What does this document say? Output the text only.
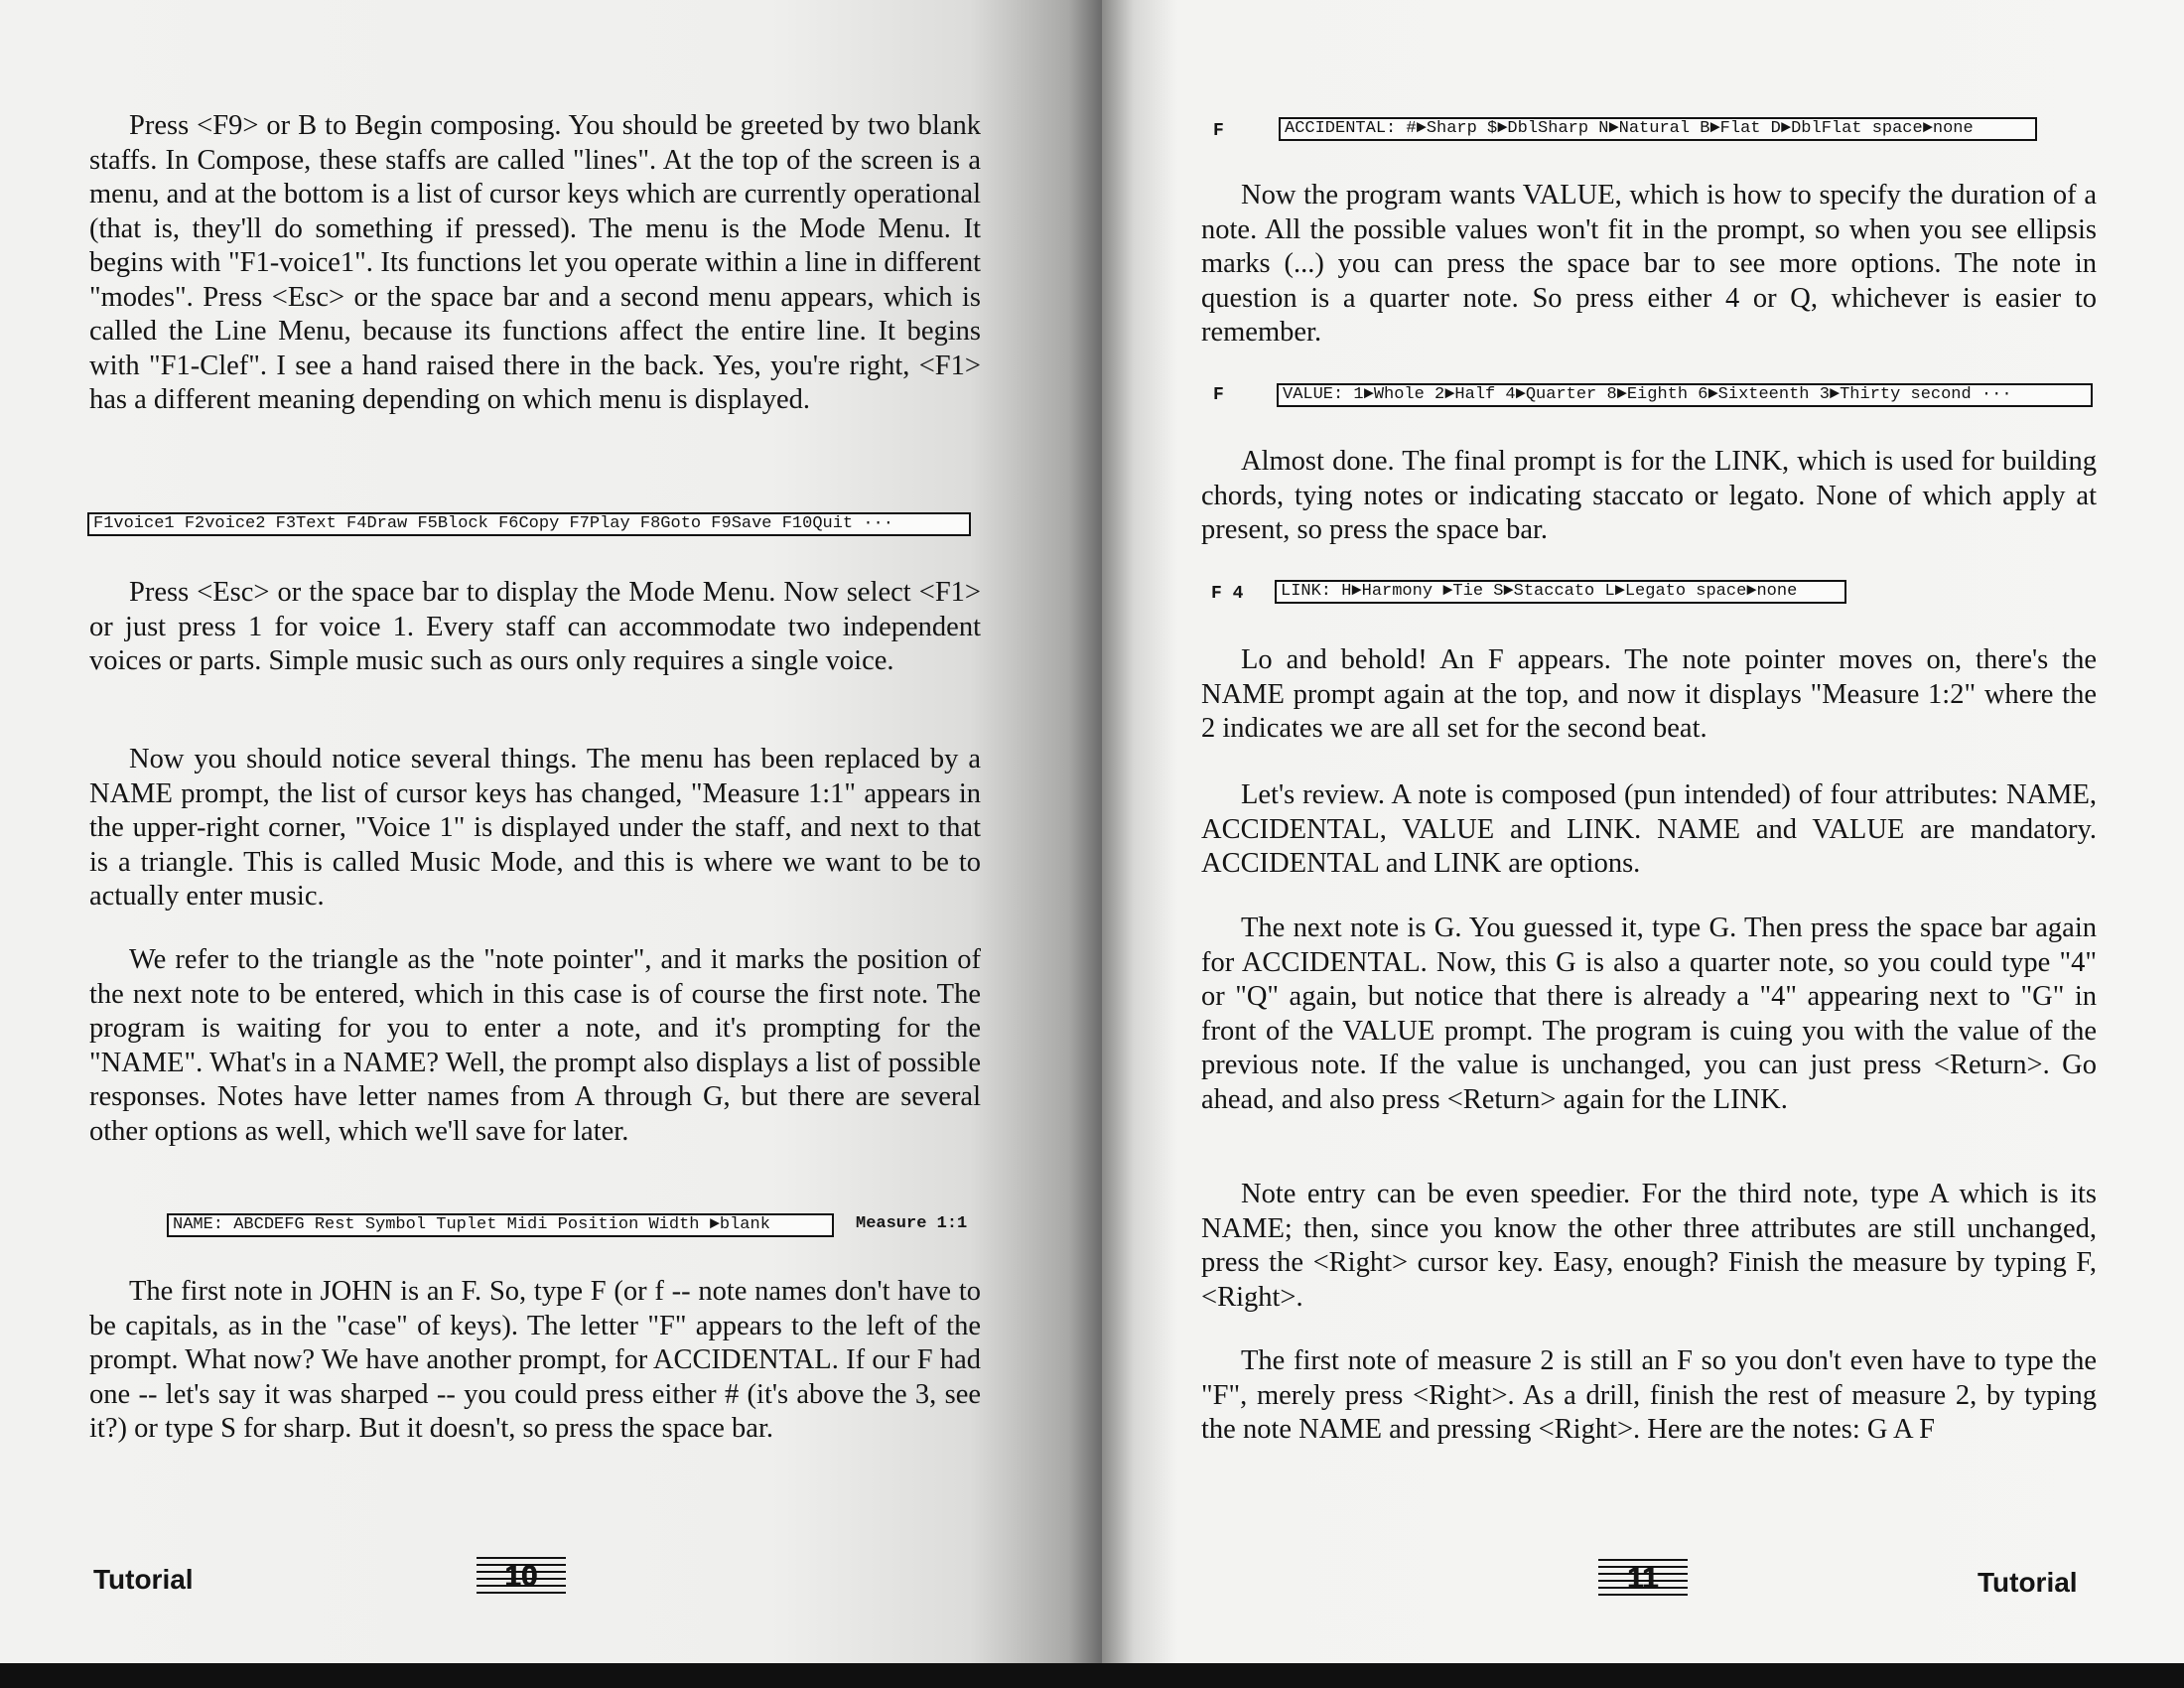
Press <F9> or B to Begin composing. You should be greeted by two blank staffs. In Compose, these staffs are called "lines". At the top of the screen is a menu, and at the bottom is a list of cursor keys which are currently operational (that is, they'll do something if pressed). The menu is the Mode Menu. It begins with "F1-voice1". Its functions let you operate within a line in different "modes". Press <Esc> or the space bar and a second menu appears, which is called the Line Menu, because its functions affect the entire line. It begins with "F1-Clef". I see a hand raised there in the back. Yes, you're right, <F1> has a different meaning depending on which menu is displayed.

F1voice1 F2voice2 F3Text F4Draw F5Block F6Copy F7Play F8Goto F9Save F10Quit ···

Press <Esc> or the space bar to display the Mode Menu. Now select <F1> or just press 1 for voice 1. Every staff can accommodate two independent voices or parts. Simple music such as ours only requires a single voice.

Now you should notice several things. The menu has been replaced by a NAME prompt, the list of cursor keys has changed, "Measure 1:1" appears in the upper-right corner, "Voice 1" is displayed under the staff, and next to that is a triangle. This is called Music Mode, and this is where we want to be to actually enter music.

We refer to the triangle as the "note pointer", and it marks the position of the next note to be entered, which in this case is of course the first note. The program is waiting for you to enter a note, and it's prompting for the "NAME". What's in a NAME? Well, the prompt also displays a list of possible responses. Notes have letter names from A through G, but there are several other options as well, which we'll save for later.

NAME: ABCDEFG Rest Symbol Tuplet Midi Position Width ►blank	Measure 1:1

The first note in JOHN is an F. So, type F (or f -- note names don't have to be capitals, as in the "case" of keys). The letter "F" appears to the left of the prompt. What now? We have another prompt, for ACCIDENTAL. If our F had one -- let's say it was sharped -- you could press either # (it's above the 3, see it?) or type S for sharp. But it doesn't, so press the space bar.

Tutorial	10
F	ACCIDENTAL: #►Sharp $►DblSharp N►Natural B►Flat D►DblFlat space►none

Now the program wants VALUE, which is how to specify the duration of a note. All the possible values won't fit in the prompt, so when you see ellipsis marks (...) you can press the space bar to see more options. The note in question is a quarter note. So press either 4 or Q, whichever is easier to remember.

F	VALUE: 1►Whole 2►Half 4►Quarter 8►Eighth 6►Sixteenth 3►Thirty second ···

Almost done. The final prompt is for the LINK, which is used for building chords, tying notes or indicating staccato or legato. None of which apply at present, so press the space bar.

F 4	LINK: H►Harmony ►Tie S►Staccato L►Legato space►none

Lo and behold! An F appears. The note pointer moves on, there's the NAME prompt again at the top, and now it displays "Measure 1:2" where the 2 indicates we are all set for the second beat.

Let's review. A note is composed (pun intended) of four attributes: NAME, ACCIDENTAL, VALUE and LINK. NAME and VALUE are mandatory. ACCIDENTAL and LINK are options.

The next note is G. You guessed it, type G. Then press the space bar again for ACCIDENTAL. Now, this G is also a quarter note, so you could type "4" or "Q" again, but notice that there is already a "4" appearing next to "G" in front of the VALUE prompt. The program is cuing you with the value of the previous note. If the value is unchanged, you can just press <Return>. Go ahead, and also press <Return> again for the LINK.

Note entry can be even speedier. For the third note, type A which is its NAME; then, since you know the other three attributes are still unchanged, press the <Right> cursor key. Easy, enough? Finish the measure by typing F, <Right>.

The first note of measure 2 is still an F so you don't even have to type the "F", merely press <Right>. As a drill, finish the rest of measure 2, by typing the note NAME and pressing <Right>. Here are the notes: G A F

11	Tutorial
